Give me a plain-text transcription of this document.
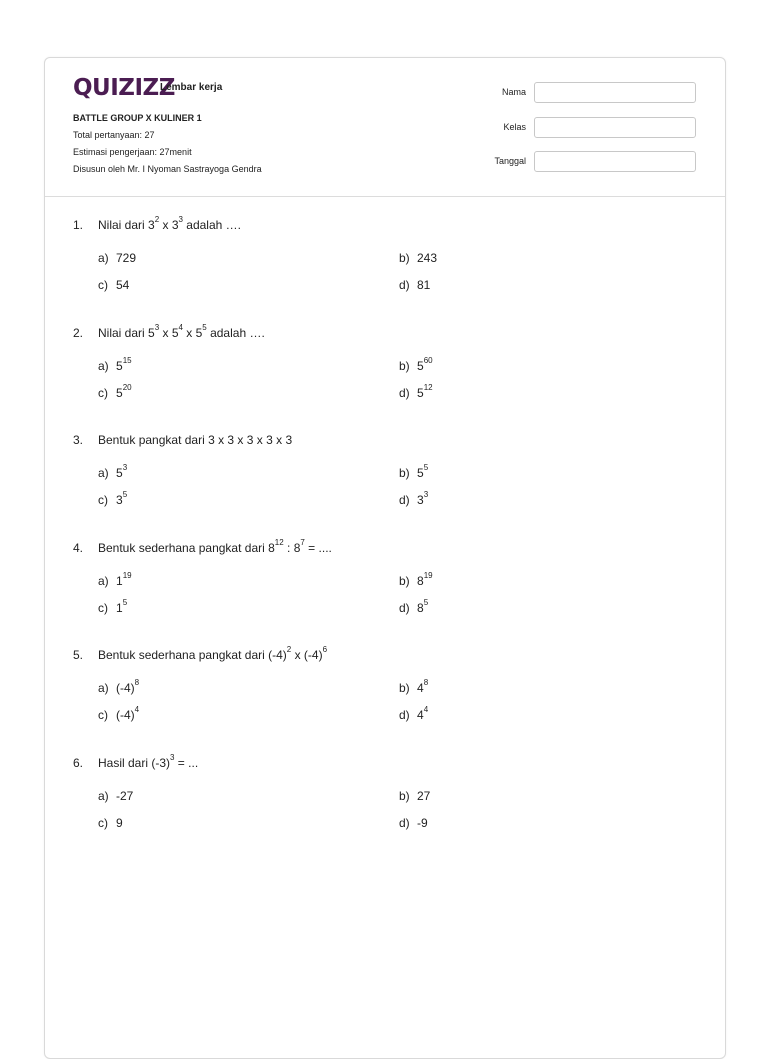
QUIZIZZ
Lembar kerja
BATTLE GROUP X KULINER 1
Total pertanyaan: 27
Estimasi pengerjaan: 27menit
Disusun oleh Mr. I Nyoman Sastrayoga Gendra
Nama
Kelas
Tanggal
1. Nilai dari $3^2$ x $3^3$ adalah ….
a) 729	b) 243
c) 54	d) 81
2. Nilai dari $5^3$ x $5^4$ x $5^5$ adalah ….
a) $5^{15}$	b) $5^{60}$
c) $5^{20}$	d) $5^{12}$
3. Bentuk pangkat dari 3 x 3 x 3 x 3 x 3
a) $5^3$	b) $5^5$
c) $3^5$	d) $3^3$
4. Bentuk sederhana pangkat dari $8^{12}$ : $8^7$ = ....
a) $1^{19}$	b) $8^{19}$
c) $1^5$	d) $8^5$
5. Bentuk sederhana pangkat dari $(-4)^2$ x $(-4)^6$
a) $(-4)^8$	b) $4^8$
c) $(-4)^4$	d) $4^4$
6. Hasil dari $(-3)^3$ = ...
a) -27	b) 27
c) 9	d) -9
